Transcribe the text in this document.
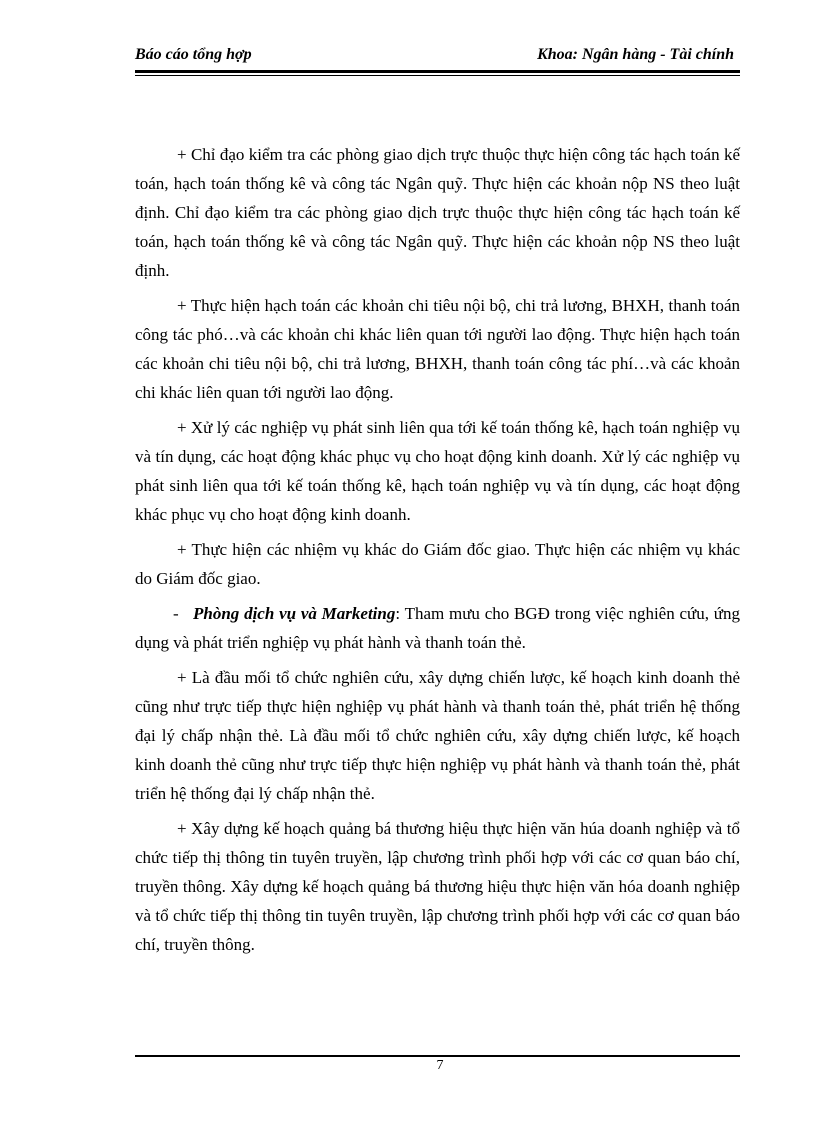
Báo cáo tổng hợp	Khoa: Ngân hàng - Tài chính

+ Chỉ đạo kiểm tra các phòng giao dịch trực thuộc thực hiện công tác hạch toán kế toán, hạch toán thống kê và công tác Ngân quỹ. Thực hiện các khoản nộp NS theo luật định. Chỉ đạo kiểm tra các phòng giao dịch trực thuộc thực hiện công tác hạch toán kế toán, hạch toán thống kê và công tác Ngân quỹ. Thực hiện các khoản nộp NS theo luật định.

+ Thực hiện hạch toán các khoản chi tiêu nội bộ, chi trả lương, BHXH, thanh toán công tác phó…và các khoản chi khác liên quan tới người lao động. Thực hiện hạch toán các khoản chi tiêu nội bộ, chi trả lương, BHXH, thanh toán công tác phí…và các khoản chi khác liên quan tới người lao động.

+ Xử lý các nghiệp vụ phát sinh liên qua tới kế toán thống kê, hạch toán nghiệp vụ và tín dụng, các hoạt động khác phục vụ cho hoạt động kinh doanh. Xử lý các nghiệp vụ phát sinh liên qua tới kế toán thống kê, hạch toán nghiệp vụ và tín dụng, các hoạt động khác phục vụ cho hoạt động kinh doanh.

+ Thực hiện các nhiệm vụ khác do Giám đốc giao. Thực hiện các nhiệm vụ khác do Giám đốc giao.

- Phòng dịch vụ và Marketing: Tham mưu cho BGĐ trong việc nghiên cứu, ứng dụng và phát triển nghiệp vụ phát hành và thanh toán thẻ.

+ Là đầu mối tổ chức nghiên cứu, xây dựng chiến lược, kế hoạch kinh doanh thẻ cũng như trực tiếp thực hiện nghiệp vụ phát hành và thanh toán thẻ, phát triển hệ thống đại lý chấp nhận thẻ. Là đầu mối tổ chức nghiên cứu, xây dựng chiến lược, kế hoạch kinh doanh thẻ cũng như trực tiếp thực hiện nghiệp vụ phát hành và thanh toán thẻ, phát triển hệ thống đại lý chấp nhận thẻ.

+ Xây dựng kế hoạch quảng bá thương hiệu thực hiện văn húa doanh nghiệp và tổ chức tiếp thị thông tin tuyên truyền, lập chương trình phối hợp với các cơ quan báo chí, truyền thông. Xây dựng kế hoạch quảng bá thương hiệu thực hiện văn hóa doanh nghiệp và tổ chức tiếp thị thông tin tuyên truyền, lập chương trình phối hợp với các cơ quan báo chí, truyền thông.

7
